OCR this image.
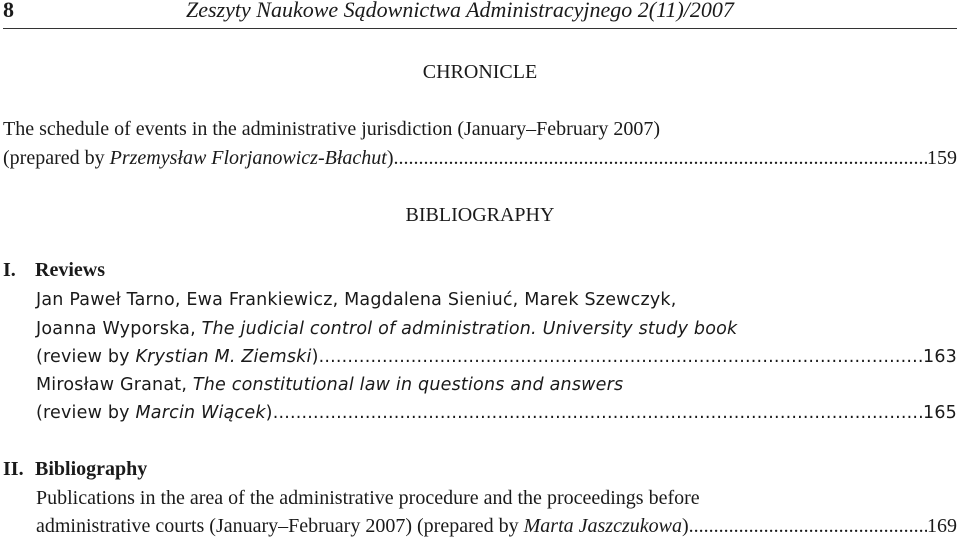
8	Zeszyty Naukowe Sądownictwa Administracyjnego 2(11)/2007
CHRONICLE
The schedule of events in the administrative jurisdiction (January–February 2007)
(prepared by Przemysław Florjanowicz-Błachut) .....	159
BIBLIOGRAPHY
I. Reviews
Jan Paweł Tarno, Ewa Frankiewicz, Magdalena Sieniuć, Marek Szewczyk,
Joanna Wyporska, The judicial control of administration. University study book
(review by Krystian M. Ziemski) .....	163
Mirosław Granat, The constitutional law in questions and answers
(review by Marcin Wiącek) .....	165
II. Bibliography
Publications in the area of the administrative procedure and the proceedings before
administrative courts (January–February 2007) (prepared by Marta Jaszczukowa) .....	169
